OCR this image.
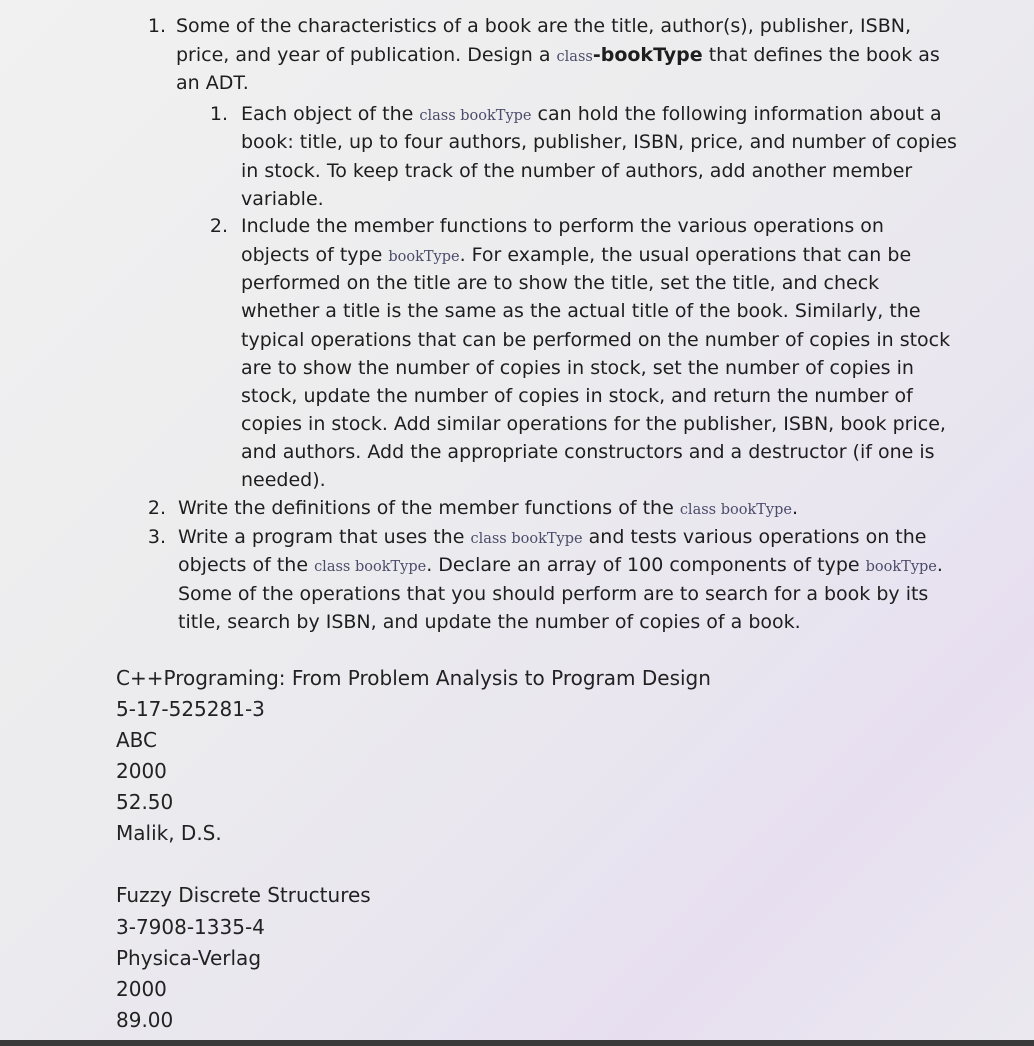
1. Some of the characteristics of a book are the title, author(s), publisher, ISBN,
price, and year of publication. Design a class-bookType that defines the book as
an ADT.
1. Each object of the class bookType can hold the following information about a
book: title, up to four authors, publisher, ISBN, price, and number of copies
in stock. To keep track of the number of authors, add another member
variable.
2. Include the member functions to perform the various operations on
objects of type bookType. For example, the usual operations that can be
performed on the title are to show the title, set the title, and check
whether a title is the same as the actual title of the book. Similarly, the
typical operations that can be performed on the number of copies in stock
are to show the number of copies in stock, set the number of copies in
stock, update the number of copies in stock, and return the number of
copies in stock. Add similar operations for the publisher, ISBN, book price,
and authors. Add the appropriate constructors and a destructor (if one is
needed).
2. Write the definitions of the member functions of the class bookType.
3. Write a program that uses the class bookType and tests various operations on the
objects of the class bookType. Declare an array of 100 components of type bookType.
Some of the operations that you should perform are to search for a book by its
title, search by ISBN, and update the number of copies of a book.
C++Programing: From Problem Analysis to Program Design
5-17-525281-3
ABC
2000
52.50
Malik, D.S.
Fuzzy Discrete Structures
3-7908-1335-4
Physica-Verlag
2000
89.00
